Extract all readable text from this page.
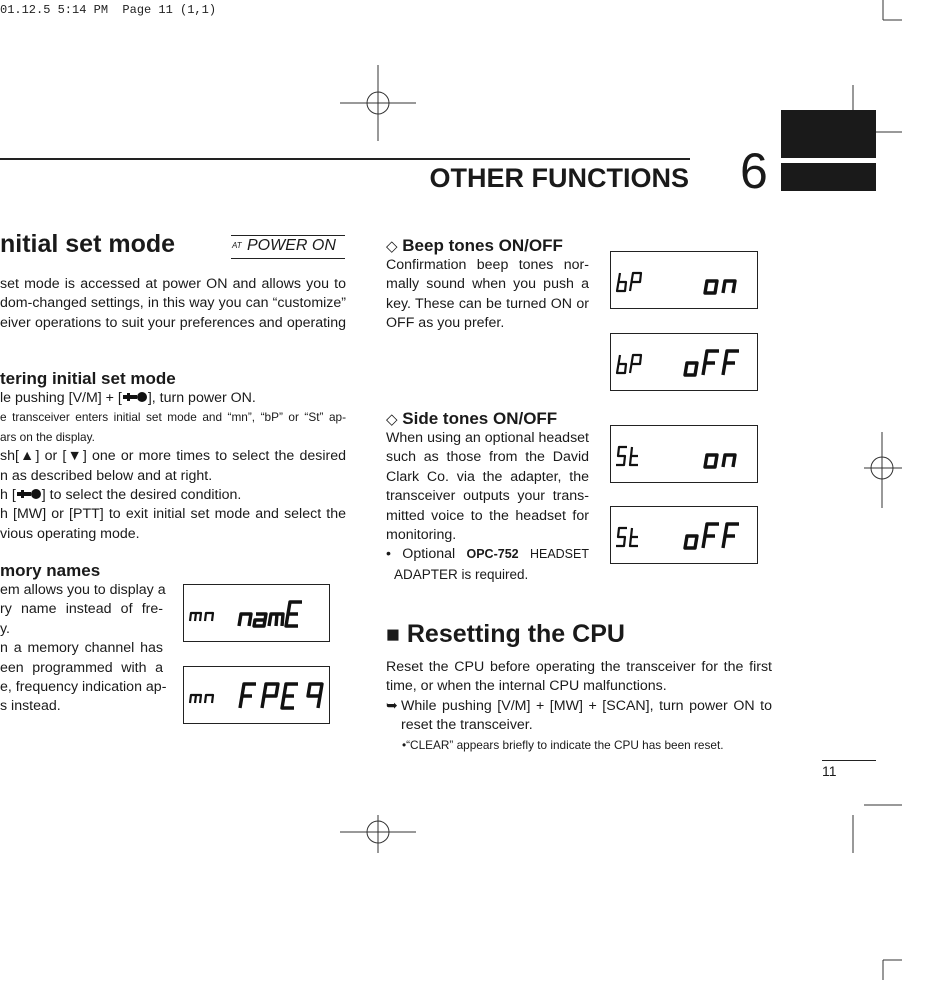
01.12.5 5:14 PM  Page 11 (1,1)
OTHER FUNCTIONS 6
nitial set mode	AT POWER ON
set mode is accessed at power ON and allows you to
dom-changed settings, in this way you can “customize”
eiver operations to suit your preferences and operating
tering initial set mode
le pushing [V/M] + [ ], turn power ON.
e transceiver enters initial set mode and “mn”, “bP” or “St” ap-
ars on the display.
sh[▲] or [▼] one or more times to select the desired
n as described below and at right.
h [ ] to select the desired condition.
h [MW] or [PTT] to exit initial set mode and select the
vious operating mode.
mory names
em allows you to display a
ry name instead of fre-
y.
n a memory channel has
een programmed with a
e, frequency indication ap-
s instead.
◇ Beep tones ON/OFF
Confirmation beep tones nor-
mally sound when you push a
key. These can be turned ON or
OFF as you prefer.
◇ Side tones ON/OFF
When using an optional headset
such as those from the David
Clark Co. via the adapter, the
transceiver outputs your trans-
mitted voice to the headset for
monitoring.
• Optional OPC-752 HEADSET
ADAPTER is required.
■ Resetting the CPU
Reset the CPU before operating the transceiver for the first
time, or when the internal CPU malfunctions.
➥ While pushing [V/M] + [MW] + [SCAN], turn power ON to
reset the transceiver.
•“CLEAR” appears briefly to indicate the CPU has been reset.
11
